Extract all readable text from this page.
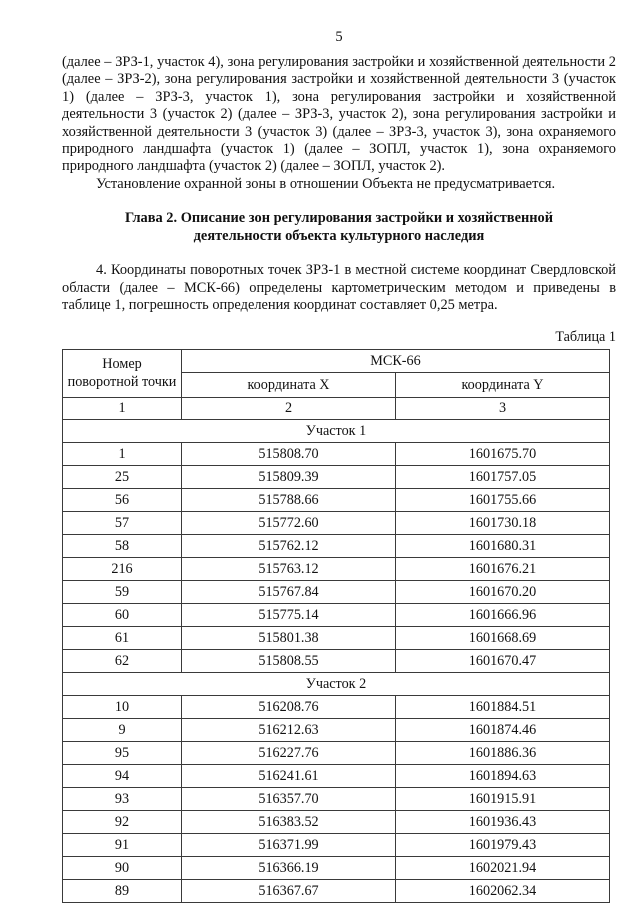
5

(далее – ЗРЗ-1, участок 4), зона регулирования застройки и хозяйственной деятельности 2 (далее – ЗРЗ-2), зона регулирования застройки и хозяйственной деятельности 3 (участок 1) (далее – ЗРЗ-3, участок 1), зона регулирования застройки и хозяйственной деятельности 3 (участок 2) (далее – ЗРЗ-3, участок 2), зона регулирования застройки и хозяйственной деятельности 3 (участок 3) (далее – ЗРЗ-3, участок 3), зона охраняемого природного ландшафта (участок 1) (далее – ЗОПЛ, участок 1), зона охраняемого природного ландшафта (участок 2) (далее – ЗОПЛ, участок 2).

Установление охранной зоны в отношении Объекта не предусматривается.

Глава 2. Описание зон регулирования застройки и хозяйственной деятельности объекта культурного наследия

4. Координаты поворотных точек ЗРЗ-1 в местной системе координат Свердловской области (далее – МСК-66) определены картометрическим методом и приведены в таблице 1, погрешность определения координат составляет 0,25 метра.

Таблица 1
Номер поворотной точки	МСК-66	
	координата X	координата Y
1	2	3
Участок 1		
1	515808.70	1601675.70
25	515809.39	1601757.05
56	515788.66	1601755.66
57	515772.60	1601730.18
58	515762.12	1601680.31
216	515763.12	1601676.21
59	515767.84	1601670.20
60	515775.14	1601666.96
61	515801.38	1601668.69
62	515808.55	1601670.47
Участок 2		
10	516208.76	1601884.51
9	516212.63	1601874.46
95	516227.76	1601886.36
94	516241.61	1601894.63
93	516357.70	1601915.91
92	516383.52	1601936.43
91	516371.99	1601979.43
90	516366.19	1602021.94
89	516367.67	1602062.34
